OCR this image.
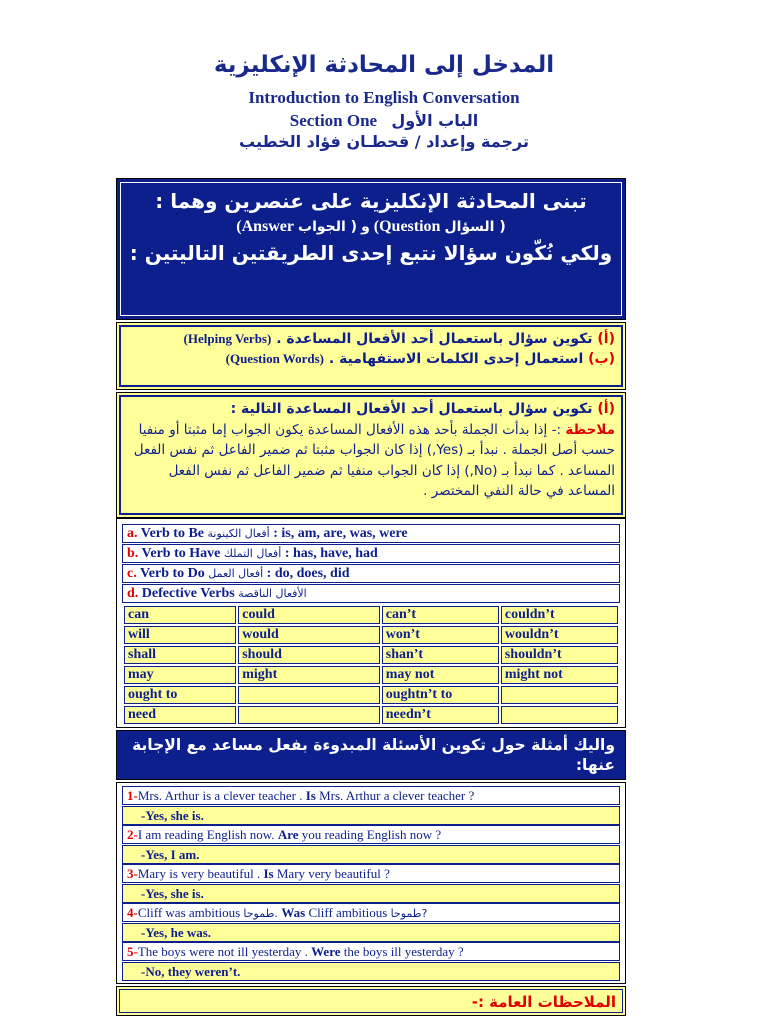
المدخل إلى المحادثة الإنكليزية
Introduction to English Conversation
Section One الباب الأول
ترجمة وإعداد / قحطـان فؤاد الخطيب
تبنى المحادثة الإنكليزية على عنصرين وهما :
( السؤال Question) و ( الجواب Answer)
ولكي نُكّون سؤالا نتبع إحدى الطريقتين التاليتين :
(أ) تكوين سؤال باستعمال أحد الأفعال المساعدة . (Helping Verbs)
(ب) استعمال إحدى الكلمات الاستفهامية . (Question Words)
(أ) تكوين سؤال باستعمال أحد الأفعال المساعدة التالية :
ملاحظة :- إذا بدأت الجملة بأحد هذه الأفعال المساعدة يكون الجواب إما مثبتا أو منفيا حسب أصل الجملة . نبدأ بـ (Yes,) إذا كان الجواب مثبتا ثم ضمير الفاعل ثم نفس الفعل المساعد . كما نبدأ بـ (No,) إذا كان الجواب منفيا ثم ضمير الفاعل ثم نفس الفعل المساعد في حالة النفي المختصر .
a. Verb to Be أفعال الكينونة : is, am, are, was, were
b. Verb to Have أفعال التملك : has, have, had
c. Verb to Do أفعال العمل : do, does, did
d. Defective Verbs الأفعال الناقصة
can	could	can’t	couldn’t
will	would	won’t	wouldn’t
shall	should	shan’t	shouldn’t
may	might	may not	might not
ought to		oughtn’t to	
need		needn’t	
واليك أمثلة حول تكوين الأسئلة المبدوءة بفعل مساعد مع الإجابة عنها:
1-Mrs. Arthur is a clever teacher . Is Mrs. Arthur a clever teacher ?
-Yes, she is.
2-I am reading English now. Are you reading English now ?
-Yes, I am.
3-Mary is very beautiful . Is Mary very beautiful ?
-Yes, she is.
4-Cliff was ambitious طموحا. Was Cliff ambitious طموحا?
-Yes, he was.
5-The boys were not ill yesterday . Were the boys ill yesterday ?
-No, they weren’t.
الملاحظات العامة :-
